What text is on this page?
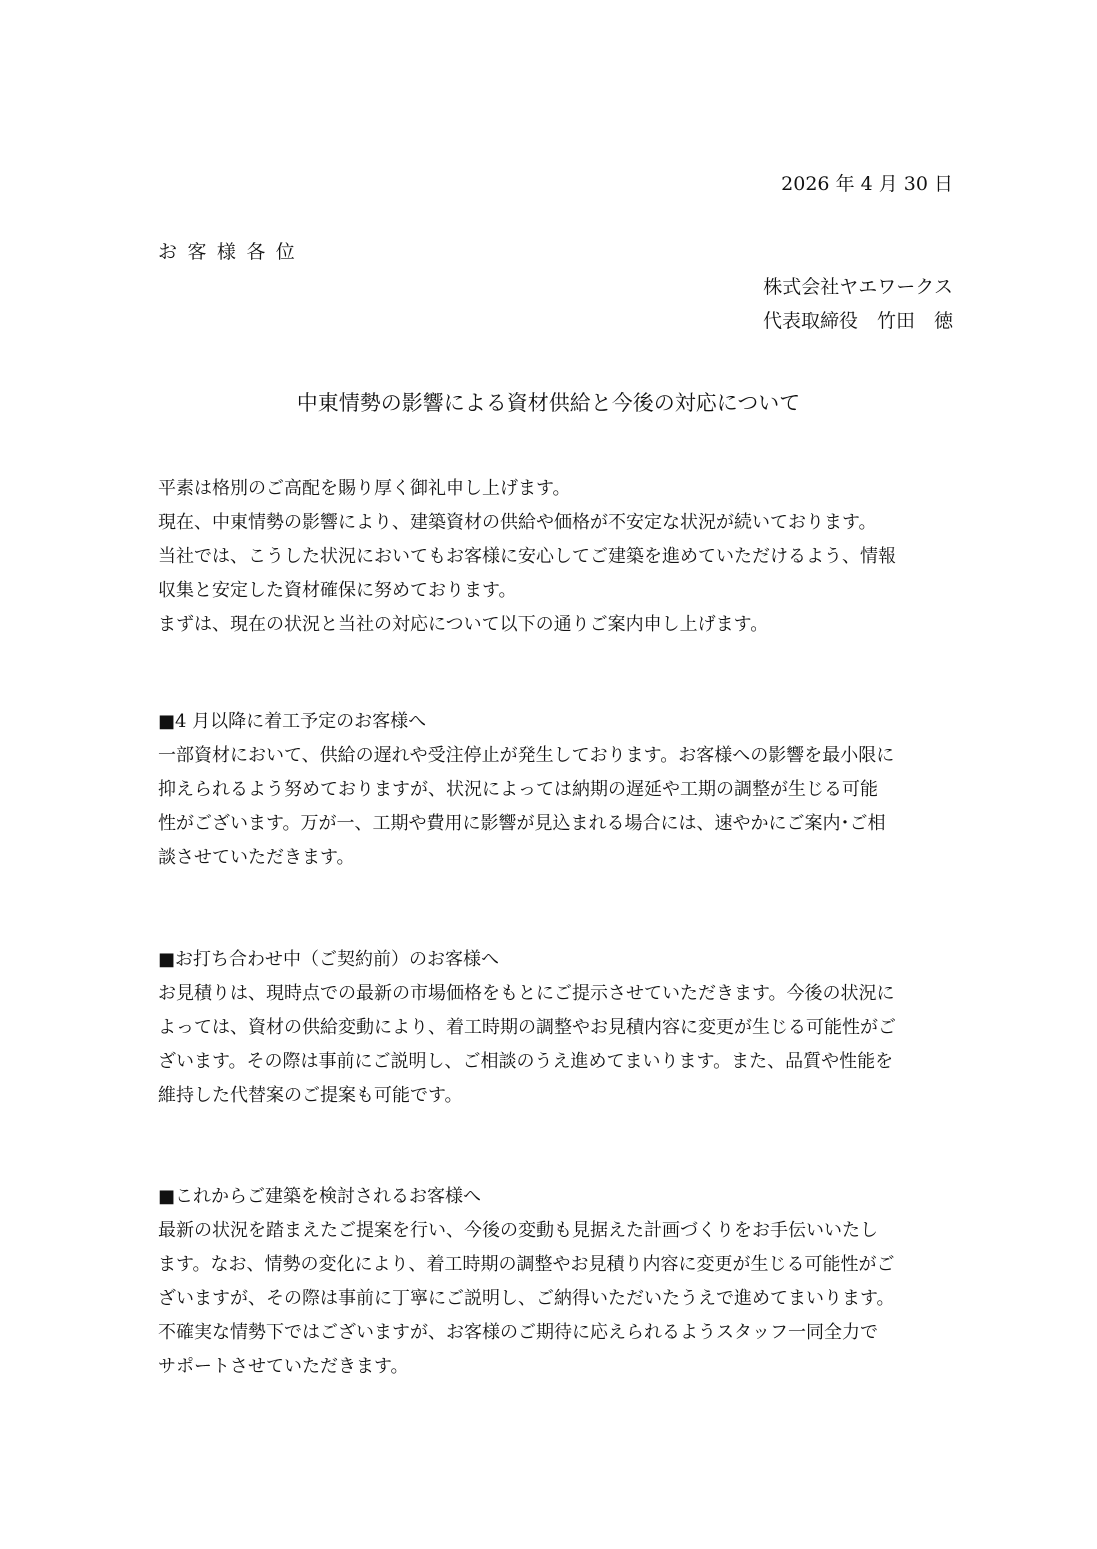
2026 年 4 月 30 日
お客様各位
株式会社ヤエワークス
代表取締役　竹田　徳
中東情勢の影響による資材供給と今後の対応について
平素は格別のご高配を賜り厚く御礼申し上げます。
現在、中東情勢の影響により、建築資材の供給や価格が不安定な状況が続いております。
当社では、こうした状況においてもお客様に安心してご建築を進めていただけるよう、情報
収集と安定した資材確保に努めております。
まずは、現在の状況と当社の対応について以下の通りご案内申し上げます。
■4 月以降に着工予定のお客様へ
一部資材において、供給の遅れや受注停止が発生しております。お客様への影響を最小限に
抑えられるよう努めておりますが、状況によっては納期の遅延や工期の調整が生じる可能
性がございます。万が一、工期や費用に影響が見込まれる場合には、速やかにご案内･ご相
談させていただきます。
■お打ち合わせ中（ご契約前）のお客様へ
お見積りは、現時点での最新の市場価格をもとにご提示させていただきます。今後の状況に
よっては、資材の供給変動により、着工時期の調整やお見積内容に変更が生じる可能性がご
ざいます。その際は事前にご説明し、ご相談のうえ進めてまいります。また、品質や性能を
維持した代替案のご提案も可能です。
■これからご建築を検討されるお客様へ
最新の状況を踏まえたご提案を行い、今後の変動も見据えた計画づくりをお手伝いいたし
ます。なお、情勢の変化により、着工時期の調整やお見積り内容に変更が生じる可能性がご
ざいますが、その際は事前に丁寧にご説明し、ご納得いただいたうえで進めてまいります。
不確実な情勢下ではございますが、お客様のご期待に応えられるようスタッフ一同全力で
サポートさせていただきます。
